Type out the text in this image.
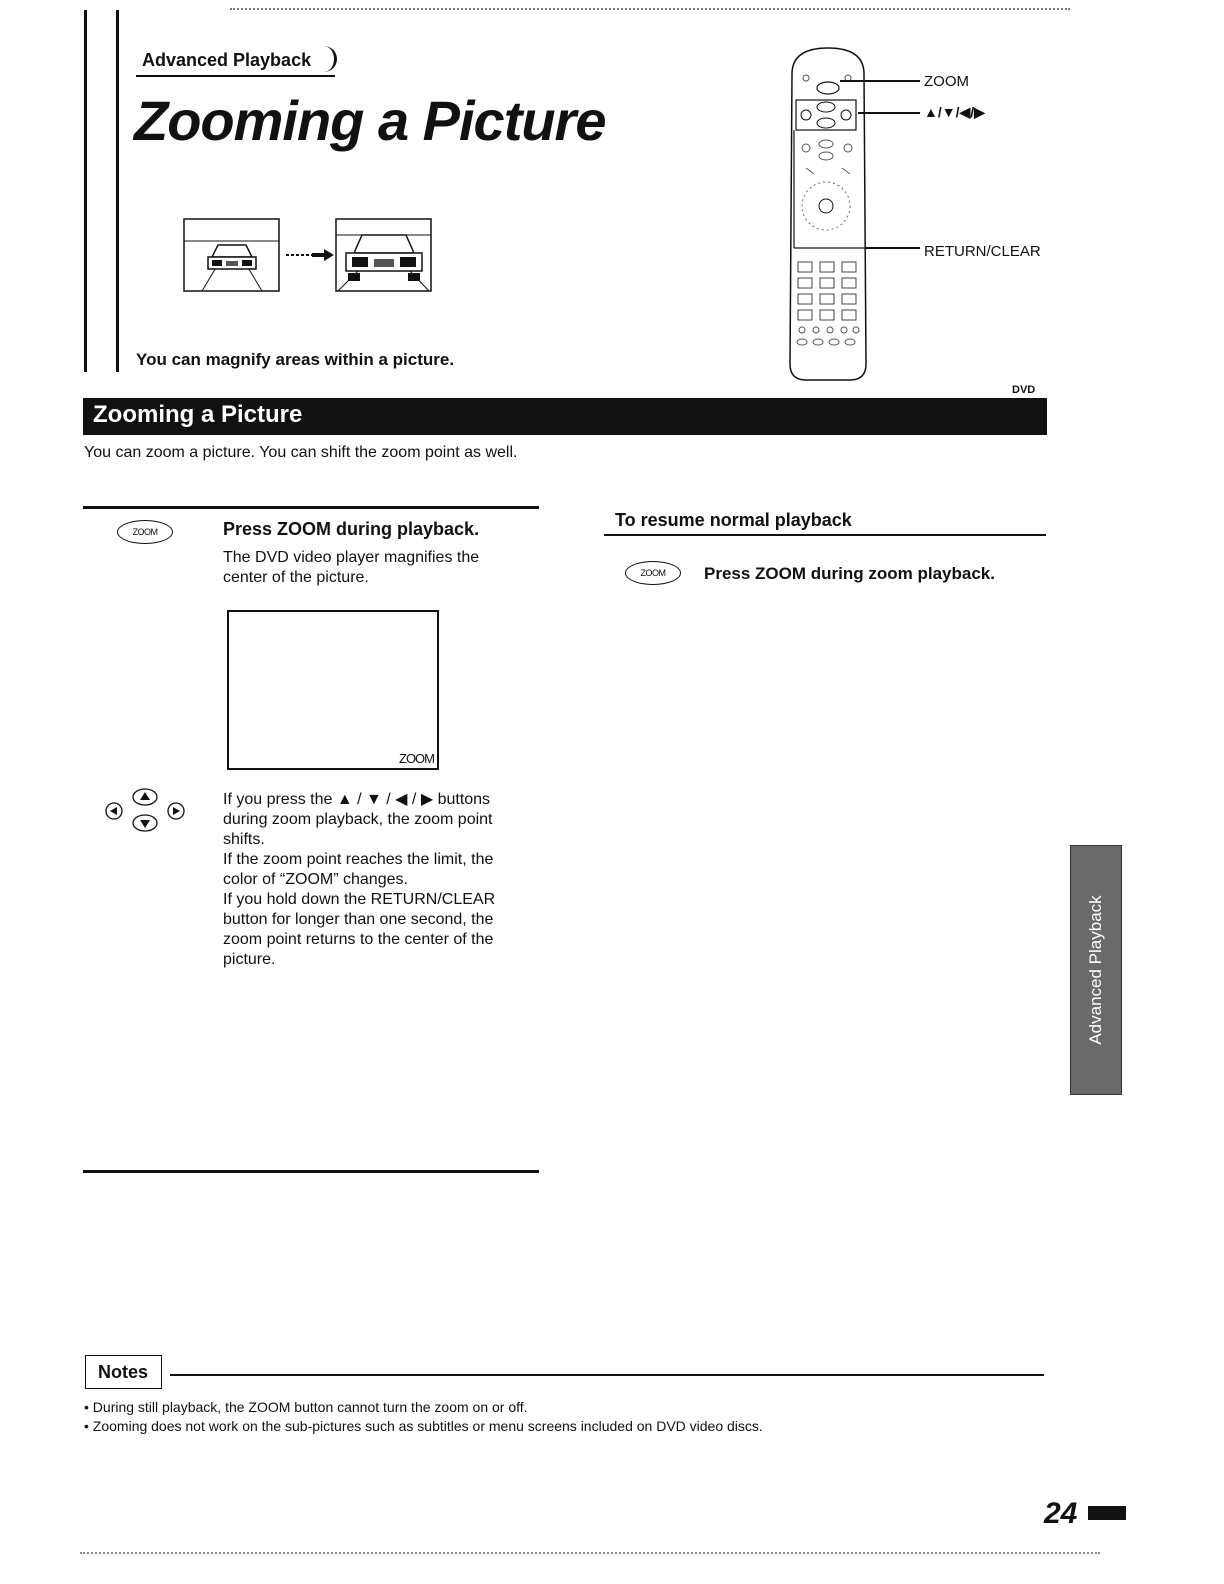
Advanced Playback
Zooming a Picture
You can magnify areas within a picture.
ZOOM
▲/▼/◀/▶
RETURN/CLEAR
DVD
Zooming a Picture
You can zoom a picture. You can shift the zoom point as well.
ZOOM	Press ZOOM during playback.
The DVD video player magnifies the
center of the picture.
ZOOM
If you press the ▲ / ▼ / ◀ / ▶ buttons
during zoom playback, the zoom point
shifts.
If the zoom point reaches the limit, the
color of “ZOOM” changes.
If you hold down the RETURN/CLEAR
button for longer than one second, the
zoom point returns to the center of the
picture.
To resume normal playback
ZOOM	Press ZOOM during zoom playback.
Advanced Playback
Notes
• During still playback, the ZOOM button cannot turn the zoom on or off.
• Zooming does not work on the sub-pictures such as subtitles or menu screens included on DVD video discs.
24
